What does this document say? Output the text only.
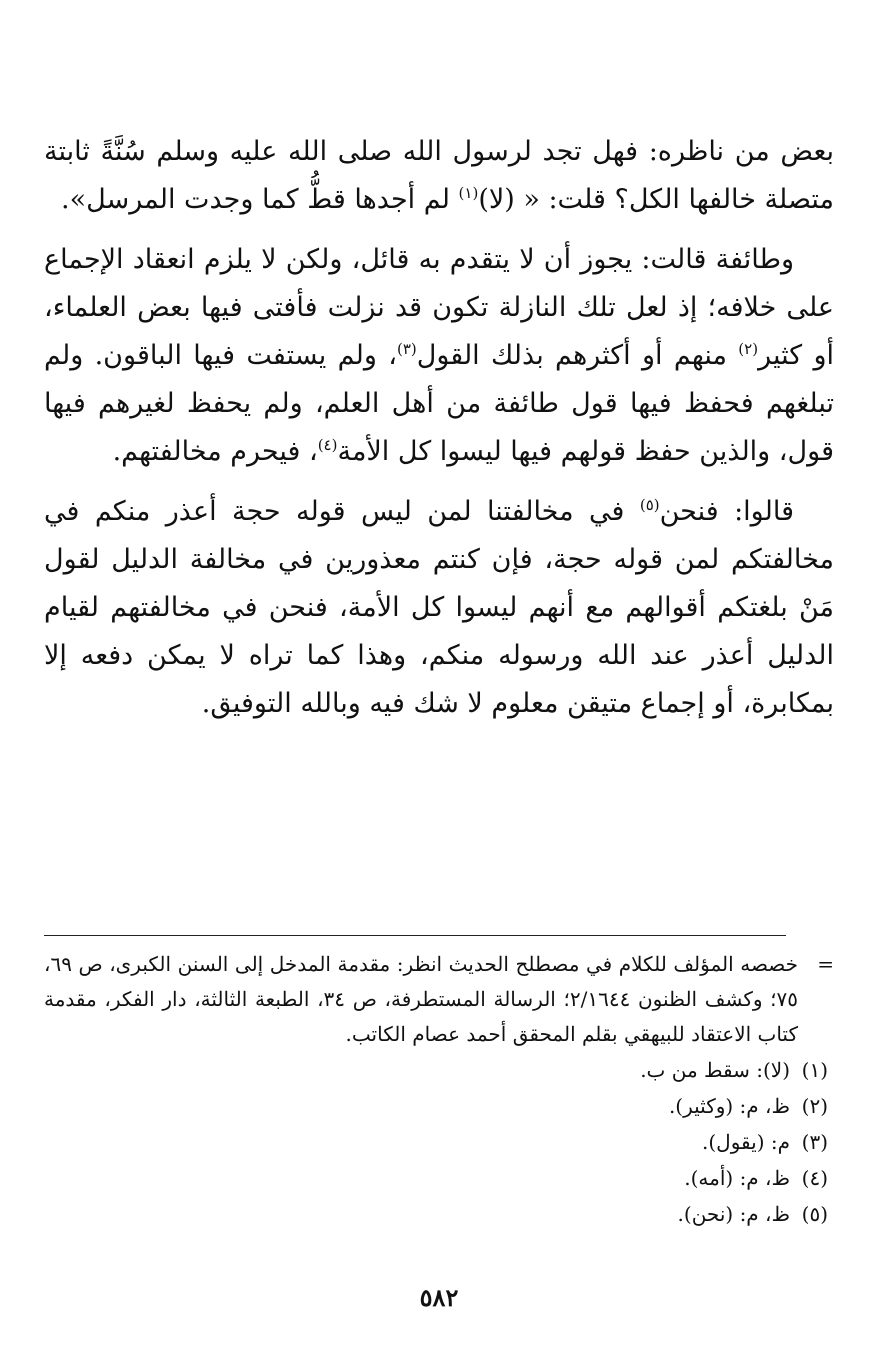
بعض من ناظره: فهل تجد لرسول الله صلى الله عليه وسلم سُنَّةً ثابتة متصلة خالفها الكل؟ قلت: « (لا)$^{(١)}$ لم أجدها قطُّ كما وجدت المرسل».

وطائفة قالت: يجوز أن لا يتقدم به قائل، ولكن لا يلزم انعقاد الإجماع على خلافه؛ إذ لعل تلك النازلة تكون قد نزلت فأفتى فيها بعض العلماء، أو كثير$^{(٢)}$ منهم أو أكثرهم بذلك القول$^{(٣)}$، ولم يستفت فيها الباقون. ولم تبلغهم فحفظ فيها قول طائفة من أهل العلم، ولم يحفظ لغيرهم فيها قول، والذين حفظ قولهم فيها ليسوا كل الأمة$^{(٤)}$، فيحرم مخالفتهم.

قالوا: فنحن$^{(٥)}$ في مخالفتنا لمن ليس قوله حجة أعذر منكم في مخالفتكم لمن قوله حجة، فإن كنتم معذورين في مخالفة الدليل لقول مَنْ بلغتكم أقوالهم مع أنهم ليسوا كل الأمة، فنحن في مخالفتهم لقيام الدليل أعذر عند الله ورسوله منكم، وهذا كما تراه لا يمكن دفعه إلا بمكابرة، أو إجماع متيقن معلوم لا شك فيه وبالله التوفيق.

=
خصصه المؤلف للكلام في مصطلح الحديث انظر: مقدمة المدخل إلى السنن الكبرى، ص ٦٩، ٧٥؛ وكشف الظنون ٢/١٦٤٤؛ الرسالة المستطرفة، ص ٣٤، الطبعة الثالثة، دار الفكر، مقدمة كتاب الاعتقاد للبيهقي بقلم المحقق أحمد عصام الكاتب.

(١)(لا): سقط من ب.

(٢)ظ، م: (وكثير).

(٣)م: (يقول).

(٤)ظ، م: (أمه).

(٥)ظ، م: (نحن).

٥٨٢
